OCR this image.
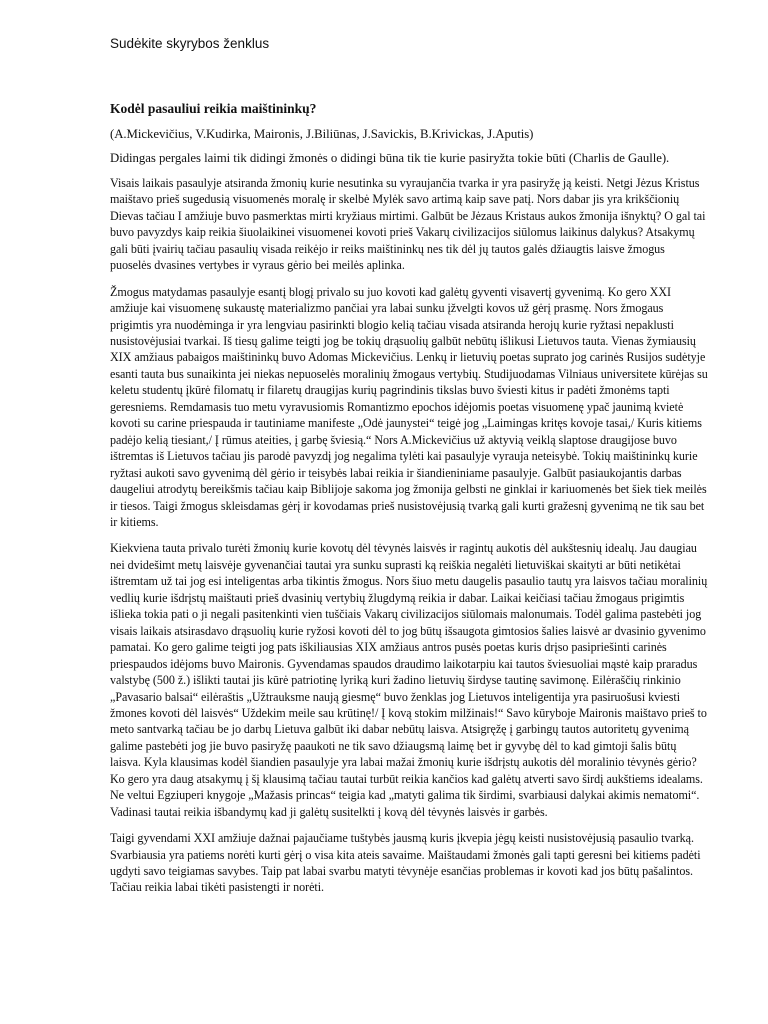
Sudėkite skyrybos ženklus
Kodėl pasauliui reikia maištininkų?
(A.Mickevičius, V.Kudirka, Maironis, J.Biliūnas, J.Savickis, B.Krivickas, J.Aputis)
Didingas pergales laimi tik didingi žmonės o didingi būna tik tie kurie pasiryžta tokie būti (Charlis de Gaulle).
Visais laikais pasaulyje atsiranda žmonių kurie nesutinka su vyraujančia tvarka ir yra pasiryžę ją keisti. Netgi Jėzus Kristus maištavo prieš sugedusią visuomenės moralę ir skelbė Mylėk savo artimą kaip save patį. Nors dabar jis yra krikščionių Dievas tačiau I amžiuje buvo pasmerktas mirti kryžiaus mirtimi. Galbūt be Jėzaus Kristaus aukos žmonija išnyktų? O gal tai buvo pavyzdys kaip reikia šiuolaikinei visuomenei kovoti prieš Vakarų civilizacijos siūlomus laikinus dalykus? Atsakymų gali būti įvairių tačiau pasaulių visada reikėjo ir reiks maištininkų nes tik dėl jų tautos galės džiaugtis laisve žmogus puoselės dvasines vertybes ir vyraus gėrio bei meilės aplinka.
Žmogus matydamas pasaulyje esantį blogį privalo su juo kovoti kad galėtų gyventi visavertį gyvenimą. Ko gero XXI amžiuje kai visuomenę sukaustę materializmo pančiai yra labai sunku įžvelgti kovos už gėrį prasmę. Nors žmogaus prigimtis yra nuodėminga ir yra lengviau pasirinkti blogio kelią tačiau visada atsiranda herojų kurie ryžtasi nepaklusti nusistovėjusiai tvarkai. Iš tiesų galime teigti jog be tokių drąsuolių galbūt nebūtų išlikusi Lietuvos tauta. Vienas žymiausių XIX amžiaus pabaigos maištininkų buvo Adomas Mickevičius. Lenkų ir lietuvių poetas suprato jog carinės Rusijos sudėtyje esanti tauta bus sunaikinta jei niekas nepuoselės moralinių žmogaus vertybių. Studijuodamas Vilniaus universitete kūrėjas su keletu studentų įkūrė filomatų ir filaretų draugijas kurių pagrindinis tikslas buvo šviesti kitus ir padėti žmonėms tapti geresniems. Remdamasis tuo metu vyravusiomis Romantizmo epochos idėjomis poetas visuomenę ypač jaunimą kvietė kovoti su carine priespauda ir tautiniame manifeste „Odė jaunystei“ teigė jog „Laimingas kritęs kovoje tasai,/ Kuris kitiems padėjo kelią tiesiant,/ Į rūmus ateities, į garbę šviesią.“ Nors A.Mickevičius už aktyvią veiklą slaptose draugijose buvo ištremtas iš Lietuvos tačiau jis parodė pavyzdį jog negalima tylėti kai pasaulyje vyrauja neteisybė. Tokių maištininkų kurie ryžtasi aukoti savo gyvenimą dėl gėrio ir teisybės labai reikia ir šiandieniniame pasaulyje. Galbūt pasiaukojantis darbas daugeliui atrodytų bereikšmis tačiau kaip Biblijoje sakoma jog žmonija gelbsti ne ginklai ir kariuomenės bet šiek tiek meilės ir tiesos. Taigi žmogus skleisdamas gėrį ir kovodamas prieš nusistovėjusią tvarką gali kurti gražesnį gyvenimą ne tik sau bet ir kitiems.
Kiekviena tauta privalo turėti žmonių kurie kovotų dėl tėvynės laisvės ir ragintų aukotis dėl aukštesnių idealų. Jau daugiau nei dvidešimt metų laisvėje gyvenančiai tautai yra sunku suprasti ką reiškia negalėti lietuviškai skaityti ar būti netikėtai ištremtam už tai jog esi inteligentas arba tikintis žmogus. Nors šiuo metu daugelis pasaulio tautų yra laisvos tačiau moralinių vedlių kurie išdrįstų maištauti prieš dvasinių vertybių žlugdymą reikia ir dabar. Laikai keičiasi tačiau žmogaus prigimtis išlieka tokia pati o ji negali pasitenkinti vien tuščiais Vakarų civilizacijos siūlomais malonumais. Todėl galima pastebėti jog visais laikais atsirasdavo drąsuolių kurie ryžosi kovoti dėl to jog būtų išsaugota gimtosios šalies laisvė ar dvasinio gyvenimo pamatai. Ko gero galime teigti jog pats iškiliausias XIX amžiaus antros pusės poetas kuris drįso pasipriešinti carinės priespaudos idėjoms buvo Maironis. Gyvendamas spaudos draudimo laikotarpiu kai tautos šviesuoliai mąstė kaip praradus valstybę (500 ž.) išlikti tautai jis kūrė patriotinę lyriką kuri žadino lietuvių širdyse tautinę savimonę. Eilėraščių rinkinio „Pavasario balsai“ eilėraštis „Užtrauksme naują giesmę“ buvo ženklas jog Lietuvos inteligentija yra pasiruošusi kviesti žmones kovoti dėl laisvės“ Uždekim meile sau krūtinę!/ Į kovą stokim milžinais!“ Savo kūryboje Maironis maištavo prieš to meto santvarką tačiau be jo darbų Lietuva galbūt iki dabar nebūtų laisva. Atsigręžę į garbingų tautos autoritetų gyvenimą galime pastebėti jog jie buvo pasiryžę paaukoti ne tik savo džiaugsmą laimę bet ir gyvybę dėl to kad gimtoji šalis būtų laisva. Kyla klausimas kodėl šiandien pasaulyje yra labai mažai žmonių kurie išdrįstų aukotis dėl moralinio tėvynės gėrio? Ko gero yra daug atsakymų į šį klausimą tačiau tautai turbūt reikia kančios kad galėtų atverti savo širdį aukštiems idealams. Ne veltui Egziuperi knygoje „Mažasis princas“ teigia kad „matyti galima tik širdimi, svarbiausi dalykai akimis nematomi“. Vadinasi tautai reikia išbandymų kad ji galėtų susitelkti į kovą dėl tėvynės laisvės ir garbės.
Taigi gyvendami XXI amžiuje dažnai pajaučiame tuštybės jausmą kuris įkvepia jėgų keisti nusistovėjusią pasaulio tvarką. Svarbiausia yra patiems norėti kurti gėrį o visa kita ateis savaime. Maištaudami žmonės gali tapti geresni bei kitiems padėti ugdyti savo teigiamas savybes. Taip pat labai svarbu matyti tėvynėje esančias problemas ir kovoti kad jos būtų pašalintos. Tačiau reikia labai tikėti pasistengti ir norėti.
